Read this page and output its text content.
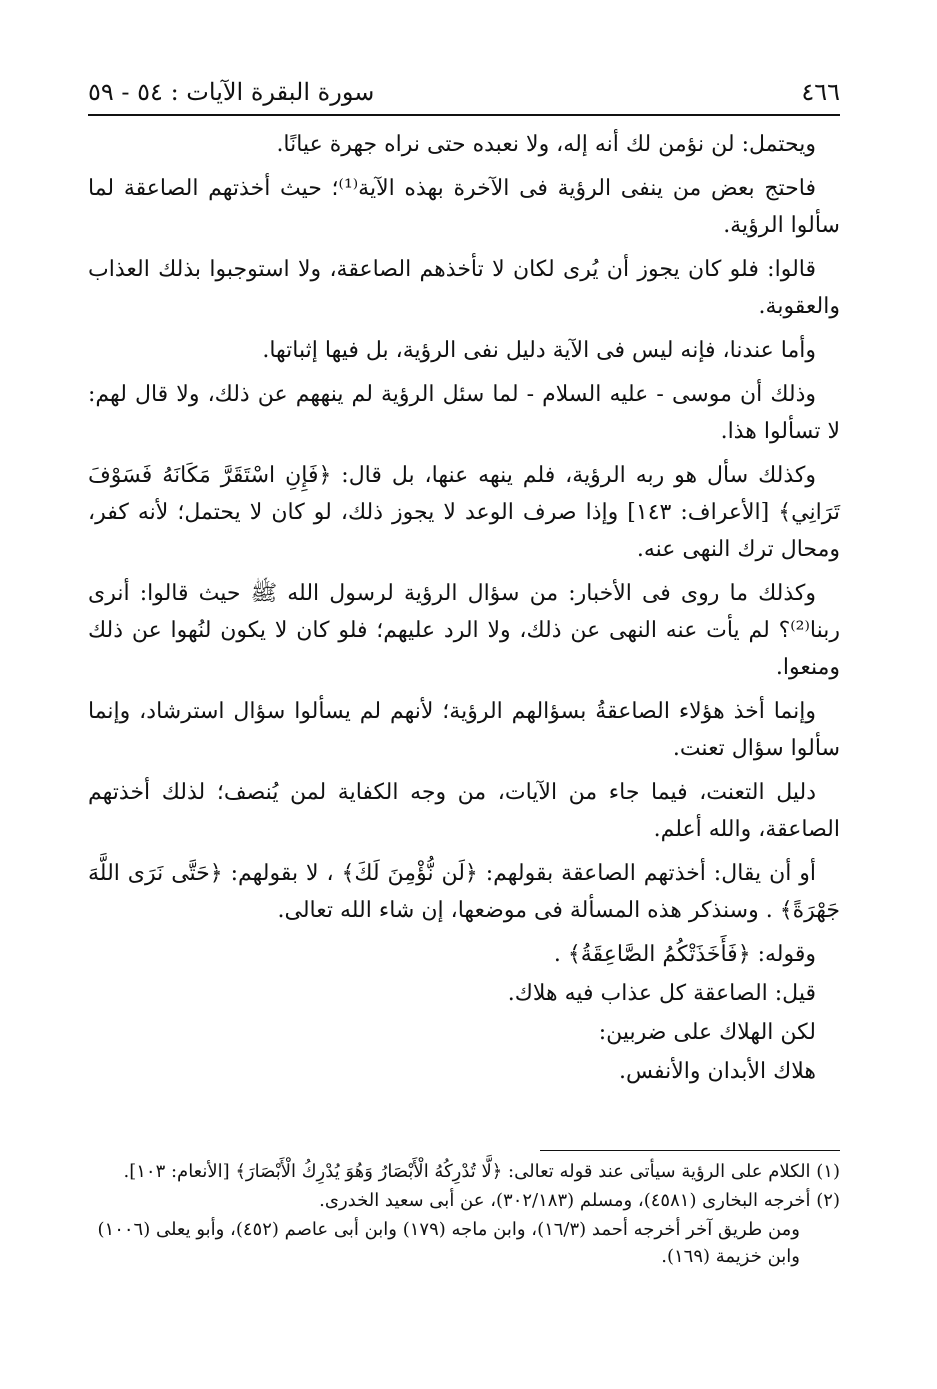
٤٦٦
سورة البقرة الآيات : ٥٤ - ٥٩

ويحتمل: لن نؤمن لك أنه إله، ولا نعبده حتى نراه جهرة عيانًا.

فاحتج بعض من ينفى الرؤية فى الآخرة بهذه الآية⁽¹⁾؛ حيث أخذتهم الصاعقة لما سألوا الرؤية.

قالوا: فلو كان يجوز أن يُرى لكان لا تأخذهم الصاعقة، ولا استوجبوا بذلك العذاب والعقوبة.

وأما عندنا، فإنه ليس فى الآية دليل نفى الرؤية، بل فيها إثباتها.

وذلك أن موسى - عليه السلام - لما سئل الرؤية لم ينههم عن ذلك، ولا قال لهم: لا تسألوا هذا.

وكذلك سأل هو ربه الرؤية، فلم ينهه عنها، بل قال: ﴿فَإِنِ اسْتَقَرَّ مَكَانَهُ فَسَوْفَ تَرَانِي﴾ [الأعراف: ١٤٣] وإذا صرف الوعد لا يجوز ذلك، لو كان لا يحتمل؛ لأنه كفر، ومحال ترك النهى عنه.

وكذلك ما روى فى الأخبار: من سؤال الرؤية لرسول الله ﷺ حيث قالوا: أنرى ربنا⁽²⁾؟ لم يأت عنه النهى عن ذلك، ولا الرد عليهم؛ فلو كان لا يكون لنُهوا عن ذلك ومنعوا.

وإنما أخذ هؤلاء الصاعقةُ بسؤالهم الرؤية؛ لأنهم لم يسألوا سؤال استرشاد، وإنما سألوا سؤال تعنت.

دليل التعنت، فيما جاء من الآيات، من وجه الكفاية لمن يُنصف؛ لذلك أخذتهم الصاعقة، والله أعلم.

أو أن يقال: أخذتهم الصاعقة بقولهم: ﴿لَن نُّؤْمِنَ لَكَ﴾ ، لا بقولهم: ﴿حَتَّى نَرَى اللَّهَ جَهْرَةً﴾ . وسنذكر هذه المسألة فى موضعها، إن شاء الله تعالى.

وقوله: ﴿فَأَخَذَتْكُمُ الصَّاعِقَةُ﴾ .

قيل: الصاعقة كل عذاب فيه هلاك.

لكن الهلاك على ضربين:

هلاك الأبدان والأنفس.

(١) الكلام على الرؤية سيأتى عند قوله تعالى: ﴿لَّا تُدْرِكُهُ الْأَبْصَارُ وَهُوَ يُدْرِكُ الْأَبْصَارَ﴾ [الأنعام: ١٠٣].

(٢) أخرجه البخارى (٤٥٨١)، ومسلم (٣٠٢/١٨٣)، عن أبى سعيد الخدرى.

ومن طريق آخر أخرجه أحمد (١٦/٣)، وابن ماجه (١٧٩) وابن أبى عاصم (٤٥٢)، وأبو يعلى (١٠٠٦) وابن خزيمة (١٦٩).
